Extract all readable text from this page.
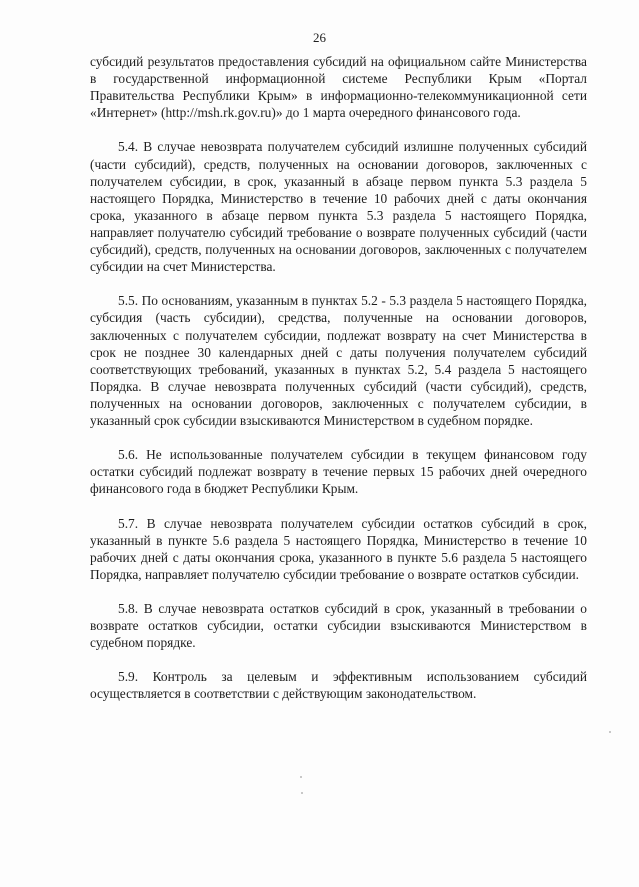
26

субсидий результатов предоставления субсидий на официальном сайте Министерства в государственной информационной системе Республики Крым «Портал Правительства Республики Крым» в информационно-телекоммуникационной сети «Интернет» (http://msh.rk.gov.ru)» до 1 марта очередного финансового года.

5.4. В случае невозврата получателем субсидий излишне полученных субсидий (части субсидий), средств, полученных на основании договоров, заключенных с получателем субсидии, в срок, указанный в абзаце первом пункта 5.3 раздела 5 настоящего Порядка, Министерство в течение 10 рабочих дней с даты окончания срока, указанного в абзаце первом пункта 5.3 раздела 5 настоящего Порядка, направляет получателю субсидий требование о возврате полученных субсидий (части субсидий), средств, полученных на основании договоров, заключенных с получателем субсидии на счет Министерства.

5.5. По основаниям, указанным в пунктах 5.2 - 5.3 раздела 5 настоящего Порядка, субсидия (часть субсидии), средства, полученные на основании договоров, заключенных с получателем субсидии, подлежат возврату на счет Министерства в срок не позднее 30 календарных дней с даты получения получателем субсидий соответствующих требований, указанных в пунктах 5.2, 5.4 раздела 5 настоящего Порядка. В случае невозврата полученных субсидий (части субсидий), средств, полученных на основании договоров, заключенных с получателем субсидии, в указанный срок субсидии взыскиваются Министерством в судебном порядке.

5.6. Не использованные получателем субсидии в текущем финансовом году остатки субсидий подлежат возврату в течение первых 15 рабочих дней очередного финансового года в бюджет Республики Крым.

5.7. В случае невозврата получателем субсидии остатков субсидий в срок, указанный в пункте 5.6 раздела 5 настоящего Порядка, Министерство в течение 10 рабочих дней с даты окончания срока, указанного в пункте 5.6 раздела 5 настоящего Порядка, направляет получателю субсидии требование о возврате остатков субсидии.

5.8. В случае невозврата остатков субсидий в срок, указанный в требовании о возврате остатков субсидии, остатки субсидии взыскиваются Министерством в судебном порядке.

5.9. Контроль за целевым и эффективным использованием субсидий осуществляется в соответствии с действующим законодательством.
